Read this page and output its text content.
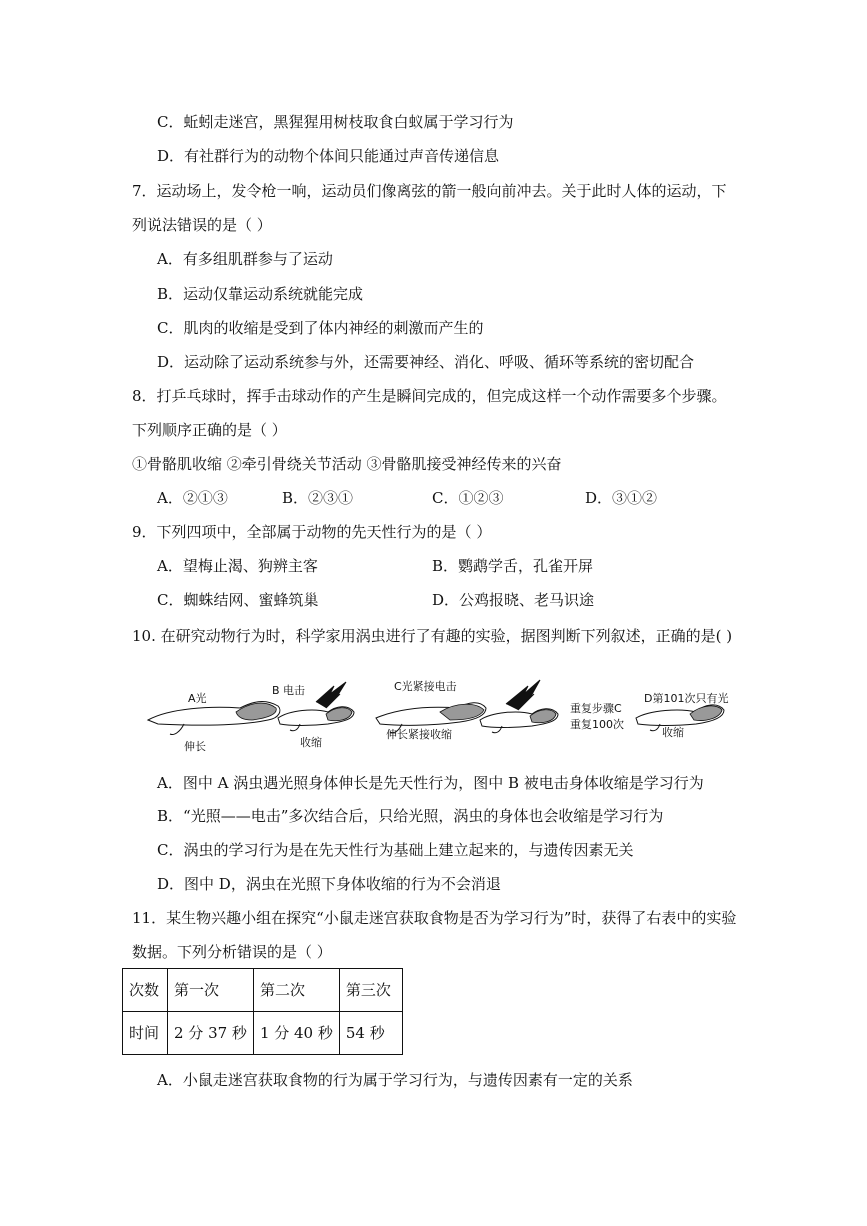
C．蚯蚓走迷宫，黑猩猩用树枝取食白蚁属于学习行为
D．有社群行为的动物个体间只能通过声音传递信息
7．运动场上，发令枪一响，运动员们像离弦的箭一般向前冲去。关于此时人体的运动，下
列说法错误的是（ ）
A．有多组肌群参与了运动
B．运动仅靠运动系统就能完成
C．肌肉的收缩是受到了体内神经的刺激而产生的
D．运动除了运动系统参与外，还需要神经、消化、呼吸、循环等系统的密切配合
8．打乒乓球时，挥手击球动作的产生是瞬间完成的，但完成这样一个动作需要多个步骤。
下列顺序正确的是（ ）
①骨骼肌收缩 ②牵引骨绕关节活动 ③骨骼肌接受神经传来的兴奋
A．②①③	B．②③①	C．①②③	D．③①②
9．下列四项中，全部属于动物的先天性行为的是（ ）
A．望梅止渴、狗辨主客	B．鹦鹉学舌，孔雀开屏
C．蜘蛛结网、蜜蜂筑巢	D．公鸡报晓、老马识途
10. 在研究动物行为时，科学家用涡虫进行了有趣的实验，据图判断下列叙述，正确的是( )
A光
伸长
B 电击
收缩
C光紧接电击
伸长紧接收缩
重复步骤C
重复100次
D第101次只有光
收缩
A．图中 A 涡虫遇光照身体伸长是先天性行为，图中 B 被电击身体收缩是学习行为
B．“光照——电击”多次结合后，只给光照，涡虫的身体也会收缩是学习行为
C．涡虫的学习行为是在先天性行为基础上建立起来的，与遗传因素无关
D．图中 D，涡虫在光照下身体收缩的行为不会消退
11．某生物兴趣小组在探究“小鼠走迷宫获取食物是否为学习行为”时，获得了右表中的实验
数据。下列分析错误的是（ ）
次数	第一次	第二次	第三次
时间	2 分 37 秒	1 分 40 秒	54 秒
A．小鼠走迷宫获取食物的行为属于学习行为，与遗传因素有一定的关系
